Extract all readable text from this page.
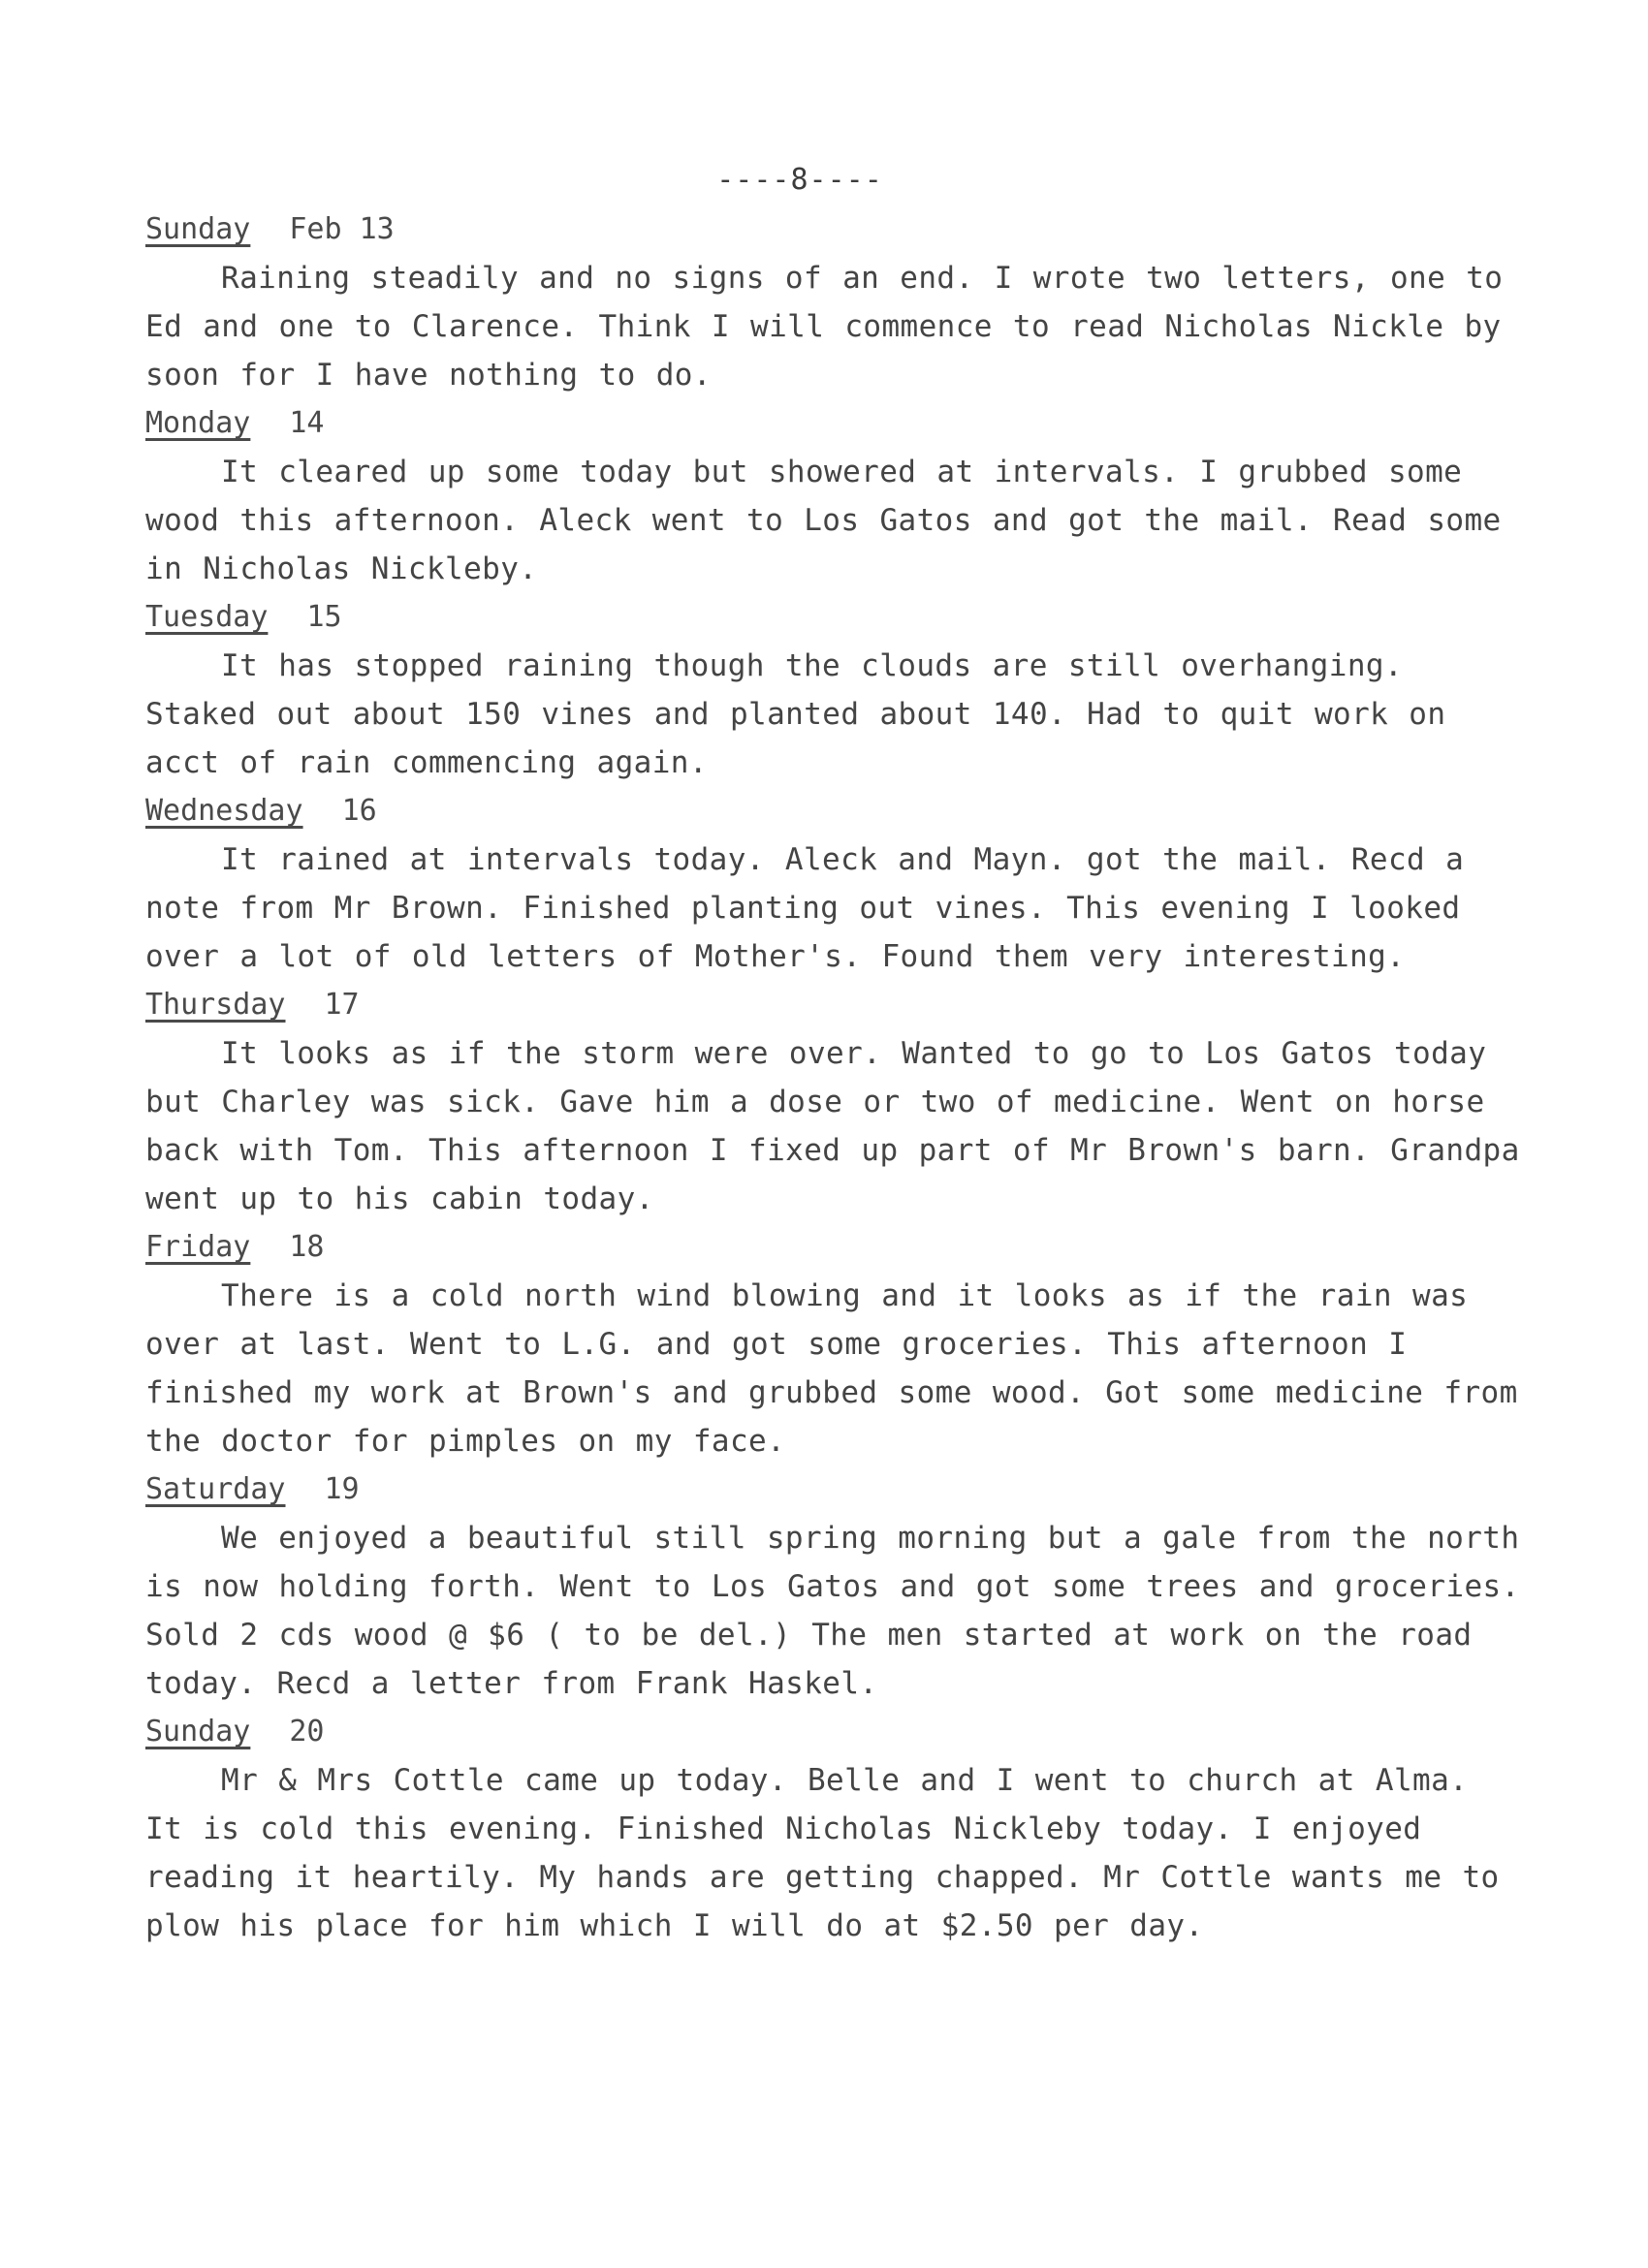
----8----
Sunday Feb 13

Raining steadily and no signs of an end. I wrote two letters, one to Ed and one to Clarence. Think I will commence to read Nicholas Nickle by soon for I have nothing to do.

Monday 14

It cleared up some today but showered at intervals. I grubbed some wood this afternoon. Aleck went to Los Gatos and got the mail. Read some in Nicholas Nickleby.

Tuesday 15

It has stopped raining though the clouds are still overhanging. Staked out about 150 vines and planted about 140. Had to quit work on acct of rain commencing again.

Wednesday 16

It rained at intervals today. Aleck and Mayn. got the mail. Recd a note from Mr Brown. Finished planting out vines. This evening I looked over a lot of old letters of Mother's. Found them very interesting.

Thursday 17

It looks as if the storm were over. Wanted to go to Los Gatos today but Charley was sick. Gave him a dose or two of medicine. Went on horse back with Tom. This afternoon I fixed up part of Mr Brown's barn. Grandpa went up to his cabin today.

Friday 18

There is a cold north wind blowing and it looks as if the rain was over at last. Went to L.G. and got some groceries. This afternoon I finished my work at Brown's and grubbed some wood. Got some medicine from the doctor for pimples on my face.

Saturday 19

We enjoyed a beautiful still spring morning but a gale from the north is now holding forth. Went to Los Gatos and got some trees and groceries. Sold 2 cds wood @ $6 ( to be del.) The men started at work on the road today. Recd a letter from Frank Haskel.

Sunday 20

Mr & Mrs Cottle came up today. Belle and I went to church at Alma. It is cold this evening. Finished Nicholas Nickleby today. I enjoyed reading it heartily. My hands are getting chapped. Mr Cottle wants me to plow his place for him which I will do at $2.50 per day.
